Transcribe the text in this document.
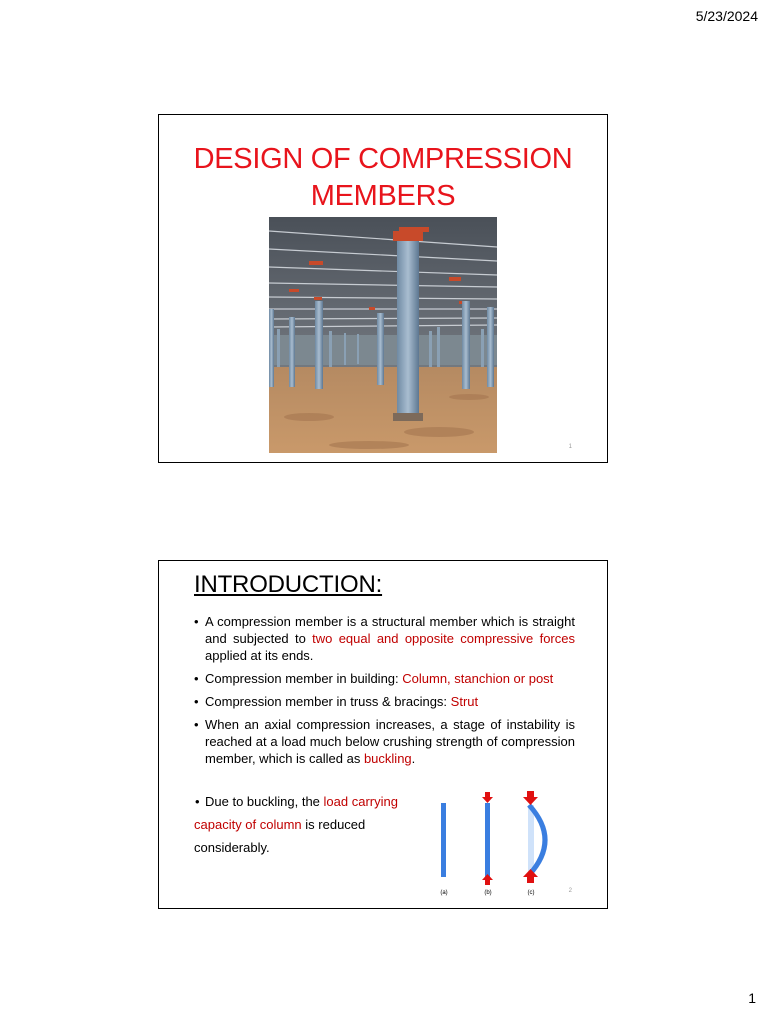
5/23/2024
DESIGN OF COMPRESSION
MEMBERS
1
INTRODUCTION:
• A compression member is a structural member which is straight and subjected to two equal and opposite compressive forces applied at its ends.
• Compression member in building: Column, stanchion or post
• Compression member in truss & bracings: Strut
• When an axial compression increases, a stage of instability is reached at a load much below crushing strength of compression member, which is called as buckling.
• Due to buckling, the load carrying
capacity of column is reduced
considerably.
(a)	(b)	(c)	2
1
